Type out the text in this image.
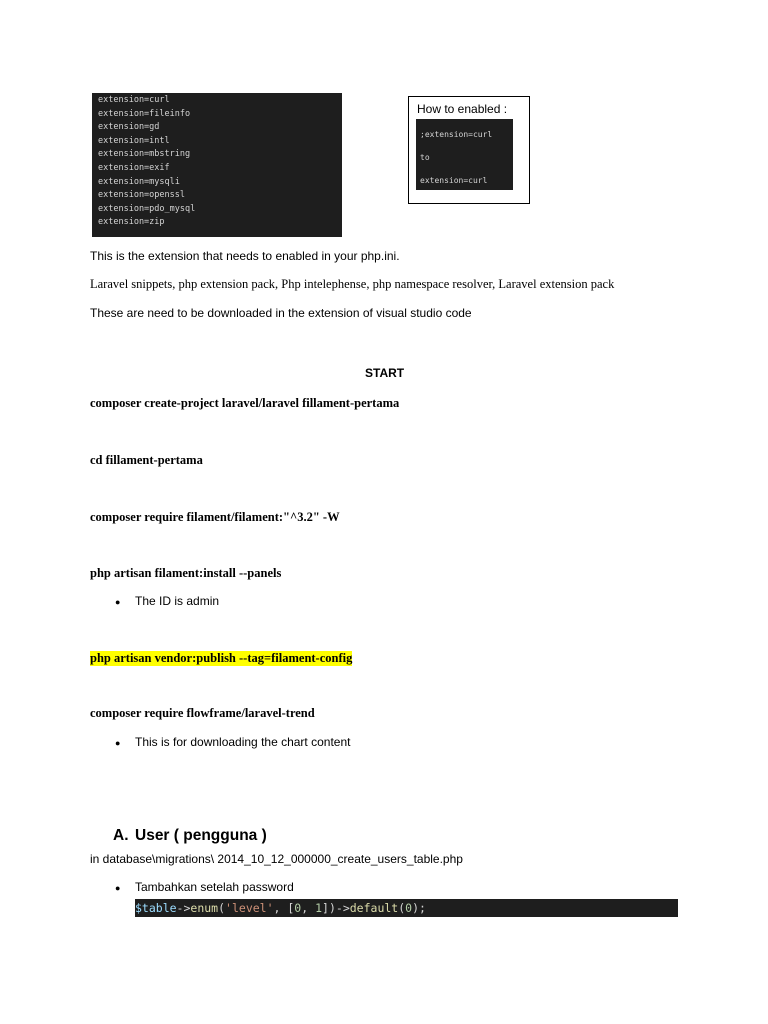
extension=curl
extension=fileinfo
extension=gd
extension=intl
extension=mbstring
extension=exif
extension=mysqli
extension=openssl
extension=pdo_mysql
extension=zip
How to enabled :
;extension=curl
to
extension=curl
This is the extension that needs to enabled in your php.ini.
Laravel snippets, php extension pack, Php intelephense, php namespace resolver, Laravel extension pack
These are need to be downloaded in the extension of visual studio code
START
composer create-project laravel/laravel fillament-pertama
cd fillament-pertama
composer require filament/filament:"^3.2" -W
php artisan filament:install --panels
● The ID is admin
php artisan vendor:publish --tag=filament-config
composer require flowframe/laravel-trend
● This is for downloading the chart content
A. User ( pengguna )
in database\migrations\ 2014_10_12_000000_create_users_table.php
● Tambahkan setelah password
$table->enum('level', [0, 1])->default(0);
